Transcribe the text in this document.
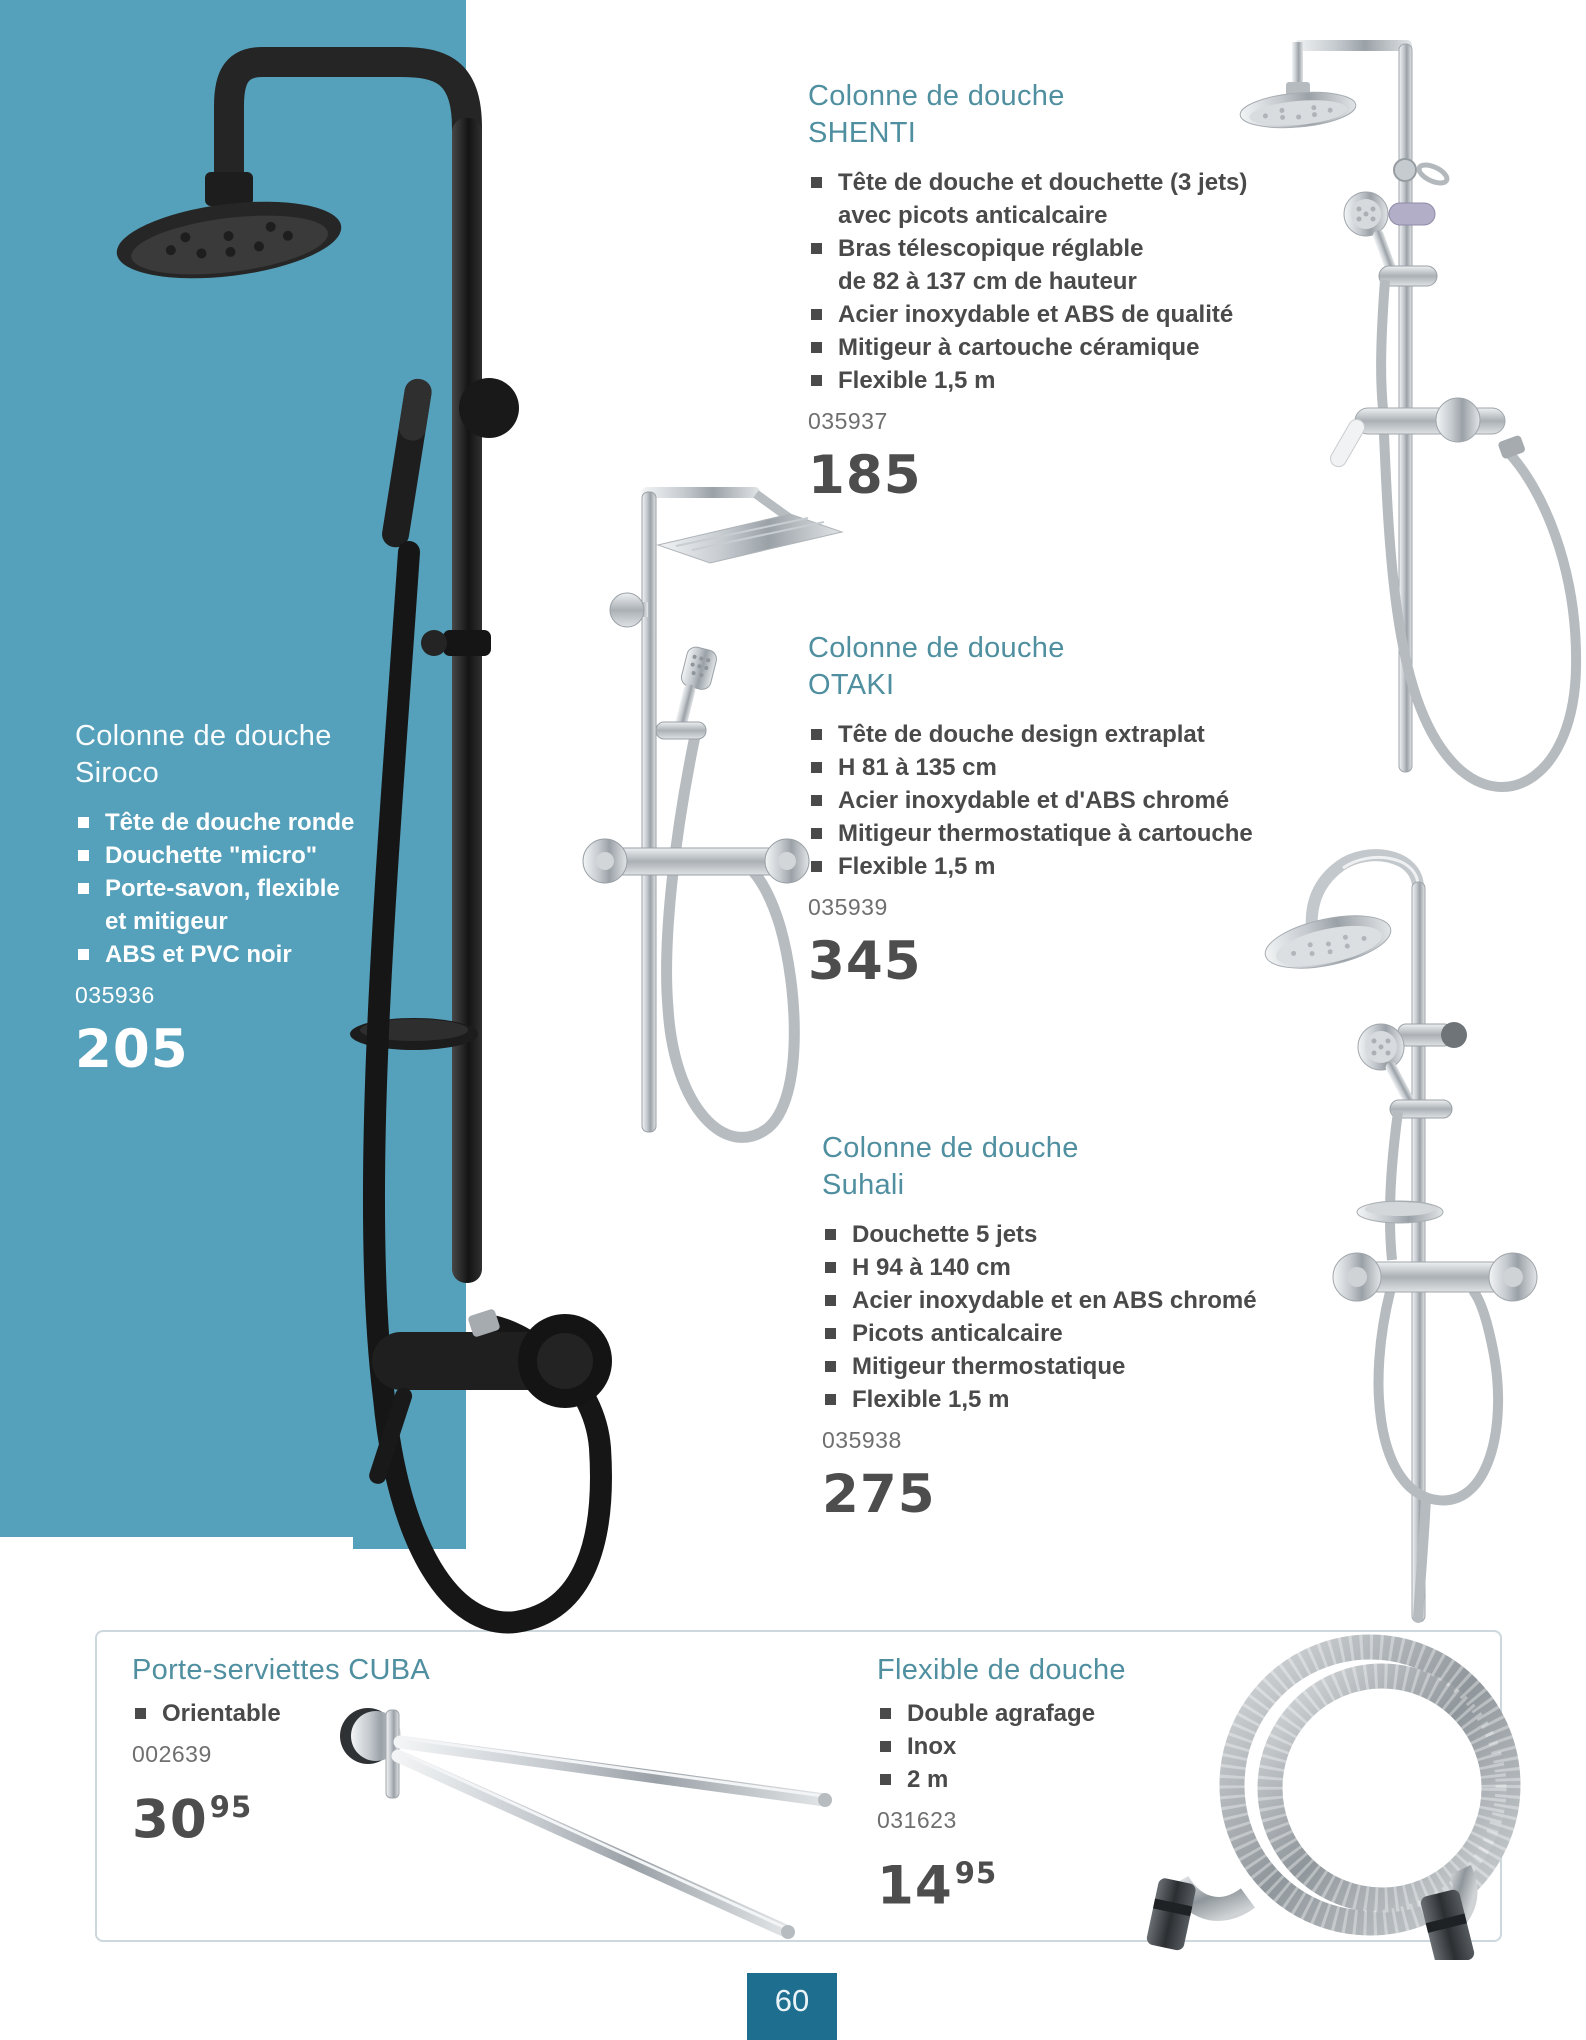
Colonne de douche
Siroco
Tête de douche ronde
Douchette "micro"
Porte-savon, flexible
et mitigeur
ABS et PVC noir
035936
205
Colonne de douche
SHENTI
Tête de douche et douchette (3 jets)
avec picots anticalcaire
Bras télescopique réglable
de 82 à 137 cm de hauteur
Acier inoxydable et ABS de qualité
Mitigeur à cartouche céramique
Flexible 1,5 m
035937
185
Colonne de douche
OTAKI
Tête de douche design extraplat
H 81 à 135 cm
Acier inoxydable et d'ABS chromé
Mitigeur thermostatique à cartouche
Flexible 1,5 m
035939
345
Colonne de douche
Suhali
Douchette 5 jets
H 94 à 140 cm
Acier inoxydable et en ABS chromé
Picots anticalcaire
Mitigeur thermostatique
Flexible 1,5 m
035938
275
Porte-serviettes CUBA
Orientable
002639
$30^{95}$
Flexible de douche
Double agrafage
Inox
2 m
031623
$14^{95}$
60
